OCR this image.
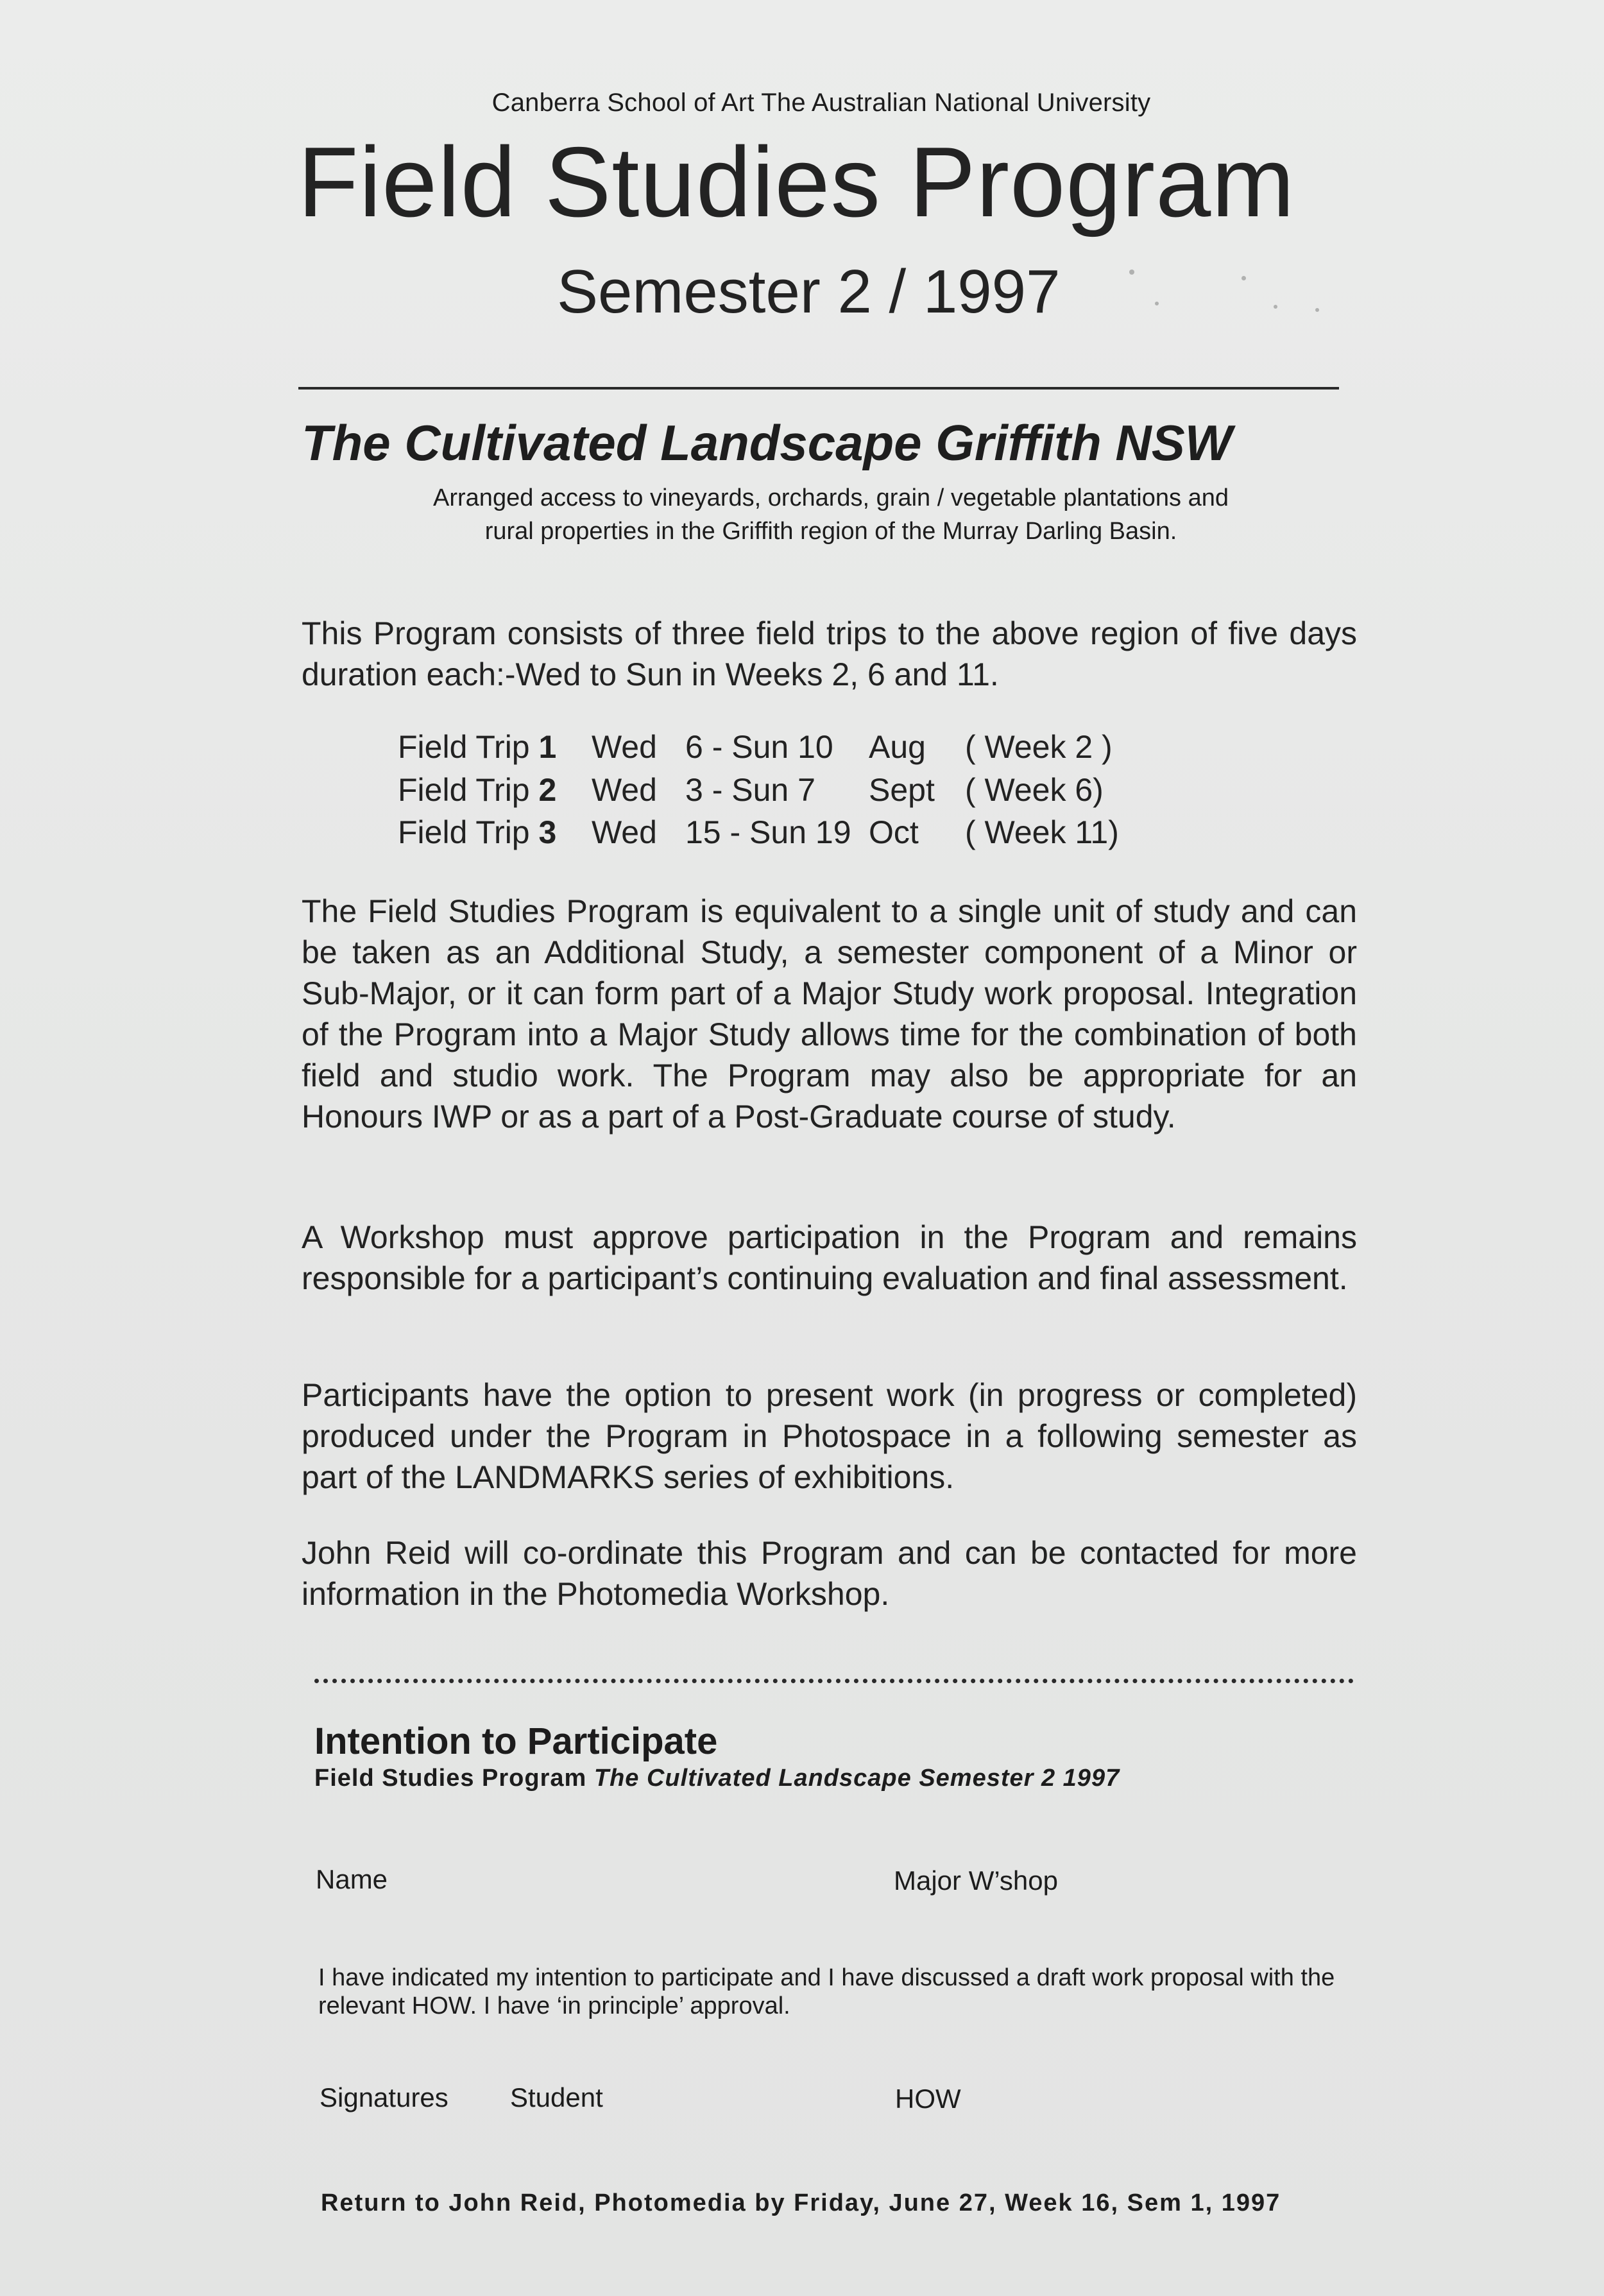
Canberra School of Art The Australian National University
Field Studies Program
Semester 2 / 1997
The Cultivated Landscape Griffith NSW
Arranged access to vineyards, orchards, grain / vegetable plantations and
rural properties in the Griffith region of the Murray Darling Basin.
This Program consists of three field trips to the above region of five days duration each:-Wed to Sun in Weeks 2, 6 and 11.
Field Trip 1 Wed 6 - Sun 10 Aug ( Week 2 )
Field Trip 2 Wed 3 - Sun 7 Sept ( Week 6)
Field Trip 3 Wed 15 - Sun 19 Oct ( Week 11)
The Field Studies Program is equivalent to a single unit of study and can be taken as an Additional Study, a semester component of a Minor or Sub-Major, or it can form part of a Major Study work proposal. Integration of the Program into a Major Study allows time for the combination of both field and studio work. The Program may also be appropriate for an Honours IWP or as a part of a Post-Graduate course of study.
A Workshop must approve participation in the Program and remains responsible for a participant’s continuing evaluation and final assessment.
Participants have the option to present work (in progress or completed) produced under the Program in Photospace in a following semester as part of the LANDMARKS series of exhibitions.
John Reid will co-ordinate this Program and can be contacted for more information in the Photomedia Workshop.
Intention to Participate
Field Studies Program The Cultivated Landscape Semester 2 1997
Name	Major W’shop
I have indicated my intention to participate and I have discussed a draft work proposal with the relevant HOW. I have ‘in principle’ approval.
Signatures Student	HOW
Return to John Reid, Photomedia by Friday, June 27, Week 16, Sem 1, 1997
